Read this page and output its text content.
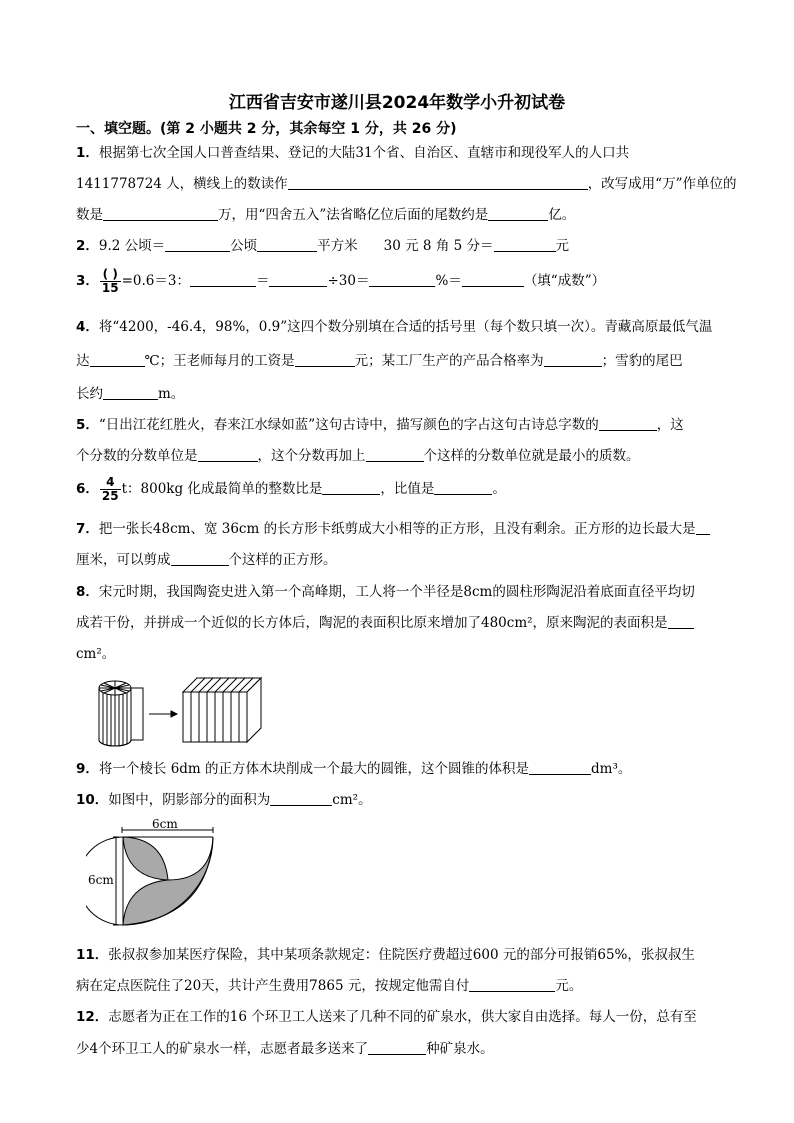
江西省吉安市遂川县2024年数学小升初试卷
一、填空题。(第 2 小题共 2 分，其余每空 1 分，共 26 分)
1．根据第七次全国人口普查结果、登记的大陆31个省、自治区、直辖市和现役军人的人口共
1411778724 人，横线上的数读作	，改写成用“万”作单位的
数是	万，用“四舍五入”法省略亿位后面的尾数约是	亿。
2．9.2 公顷＝	公顷	平方米 30 元 8 角 5 分＝	元
3． $\frac{( )}{15} =0.6=3$：	＝	÷30＝	%＝	（填“成数”）
4．将“4200，-46.4，98%，0.9”这四个数分别填在合适的括号里（每个数只填一次）。青藏高原最低气温
达	℃；王老师每月的工资是	元；某工厂生产的产品合格率为	；雪豹的尾巴
长约	m。
5．“日出江花红胜火，春来江水绿如蓝”这句古诗中，描写颜色的字占这句古诗总字数的	，这
个分数的分数单位是	，这个分数再加上	个这样的分数单位就是最小的质数。
6． $\frac{4}{25}$ t：800kg 化成最简单的整数比是	，比值是	。
7．把一张长48cm、宽 36cm 的长方形卡纸剪成大小相等的正方形，且没有剩余。正方形的边长最大是
厘米，可以剪成	个这样的正方形。
8．宋元时期，我国陶瓷史进入第一个高峰期，工人将一个半径是8cm的圆柱形陶泥沿着底面直径平均切
成若干份，并拼成一个近似的长方体后，陶泥的表面积比原来增加了480cm²，原来陶泥的表面积是
cm²。
9．将一个棱长 6dm 的正方体木块削成一个最大的圆锥，这个圆锥的体积是	dm³。
10．如图中，阴影部分的面积为	cm²。
6cm
6cm
11．张叔叔参加某医疗保险，其中某项条款规定：住院医疗费超过600 元的部分可报销65%，张叔叔生
病在定点医院住了20天，共计产生费用7865 元，按规定他需自付	元。
12．志愿者为正在工作的16 个环卫工人送来了几种不同的矿泉水，供大家自由选择。每人一份，总有至
少4个环卫工人的矿泉水一样，志愿者最多送来了	种矿泉水。
